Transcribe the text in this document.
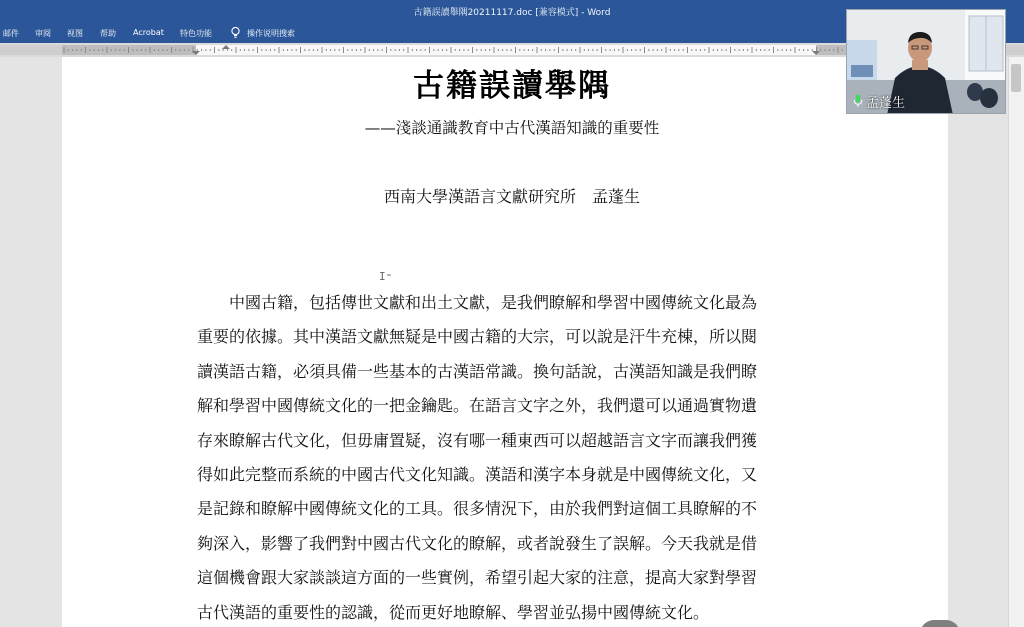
古籍誤讀舉隅20211117.doc [兼容模式] - Word
邮件 审阅 视图 帮助 Acrobat 特色功能	操作说明搜索
古籍誤讀舉隅
——淺談通識教育中古代漢語知識的重要性
西南大學漢語言文獻研究所　孟蓬生
I⁼
中國古籍，包括傳世文獻和出土文獻，是我們瞭解和學習中國傳統文化最為
重要的依據。其中漢語文獻無疑是中國古籍的大宗，可以說是汗牛充棟，所以閱
讀漢語古籍，必須具備一些基本的古漢語常識。換句話說，古漢語知識是我們瞭
解和學習中國傳統文化的一把金鑰匙。在語言文字之外，我們還可以通過實物遺
存來瞭解古代文化，但毋庸置疑，沒有哪一種東西可以超越語言文字而讓我們獲
得如此完整而系統的中國古代文化知識。漢語和漢字本身就是中國傳統文化，又
是記錄和瞭解中國傳統文化的工具。很多情況下，由於我們對這個工具瞭解的不
夠深入，影響了我們對中國古代文化的瞭解，或者說發生了誤解。今天我就是借
這個機會跟大家談談這方面的一些實例，希望引起大家的注意，提高大家對學習
古代漢語的重要性的認識，從而更好地瞭解、學習並弘揚中國傳統文化。
孟蓬生
